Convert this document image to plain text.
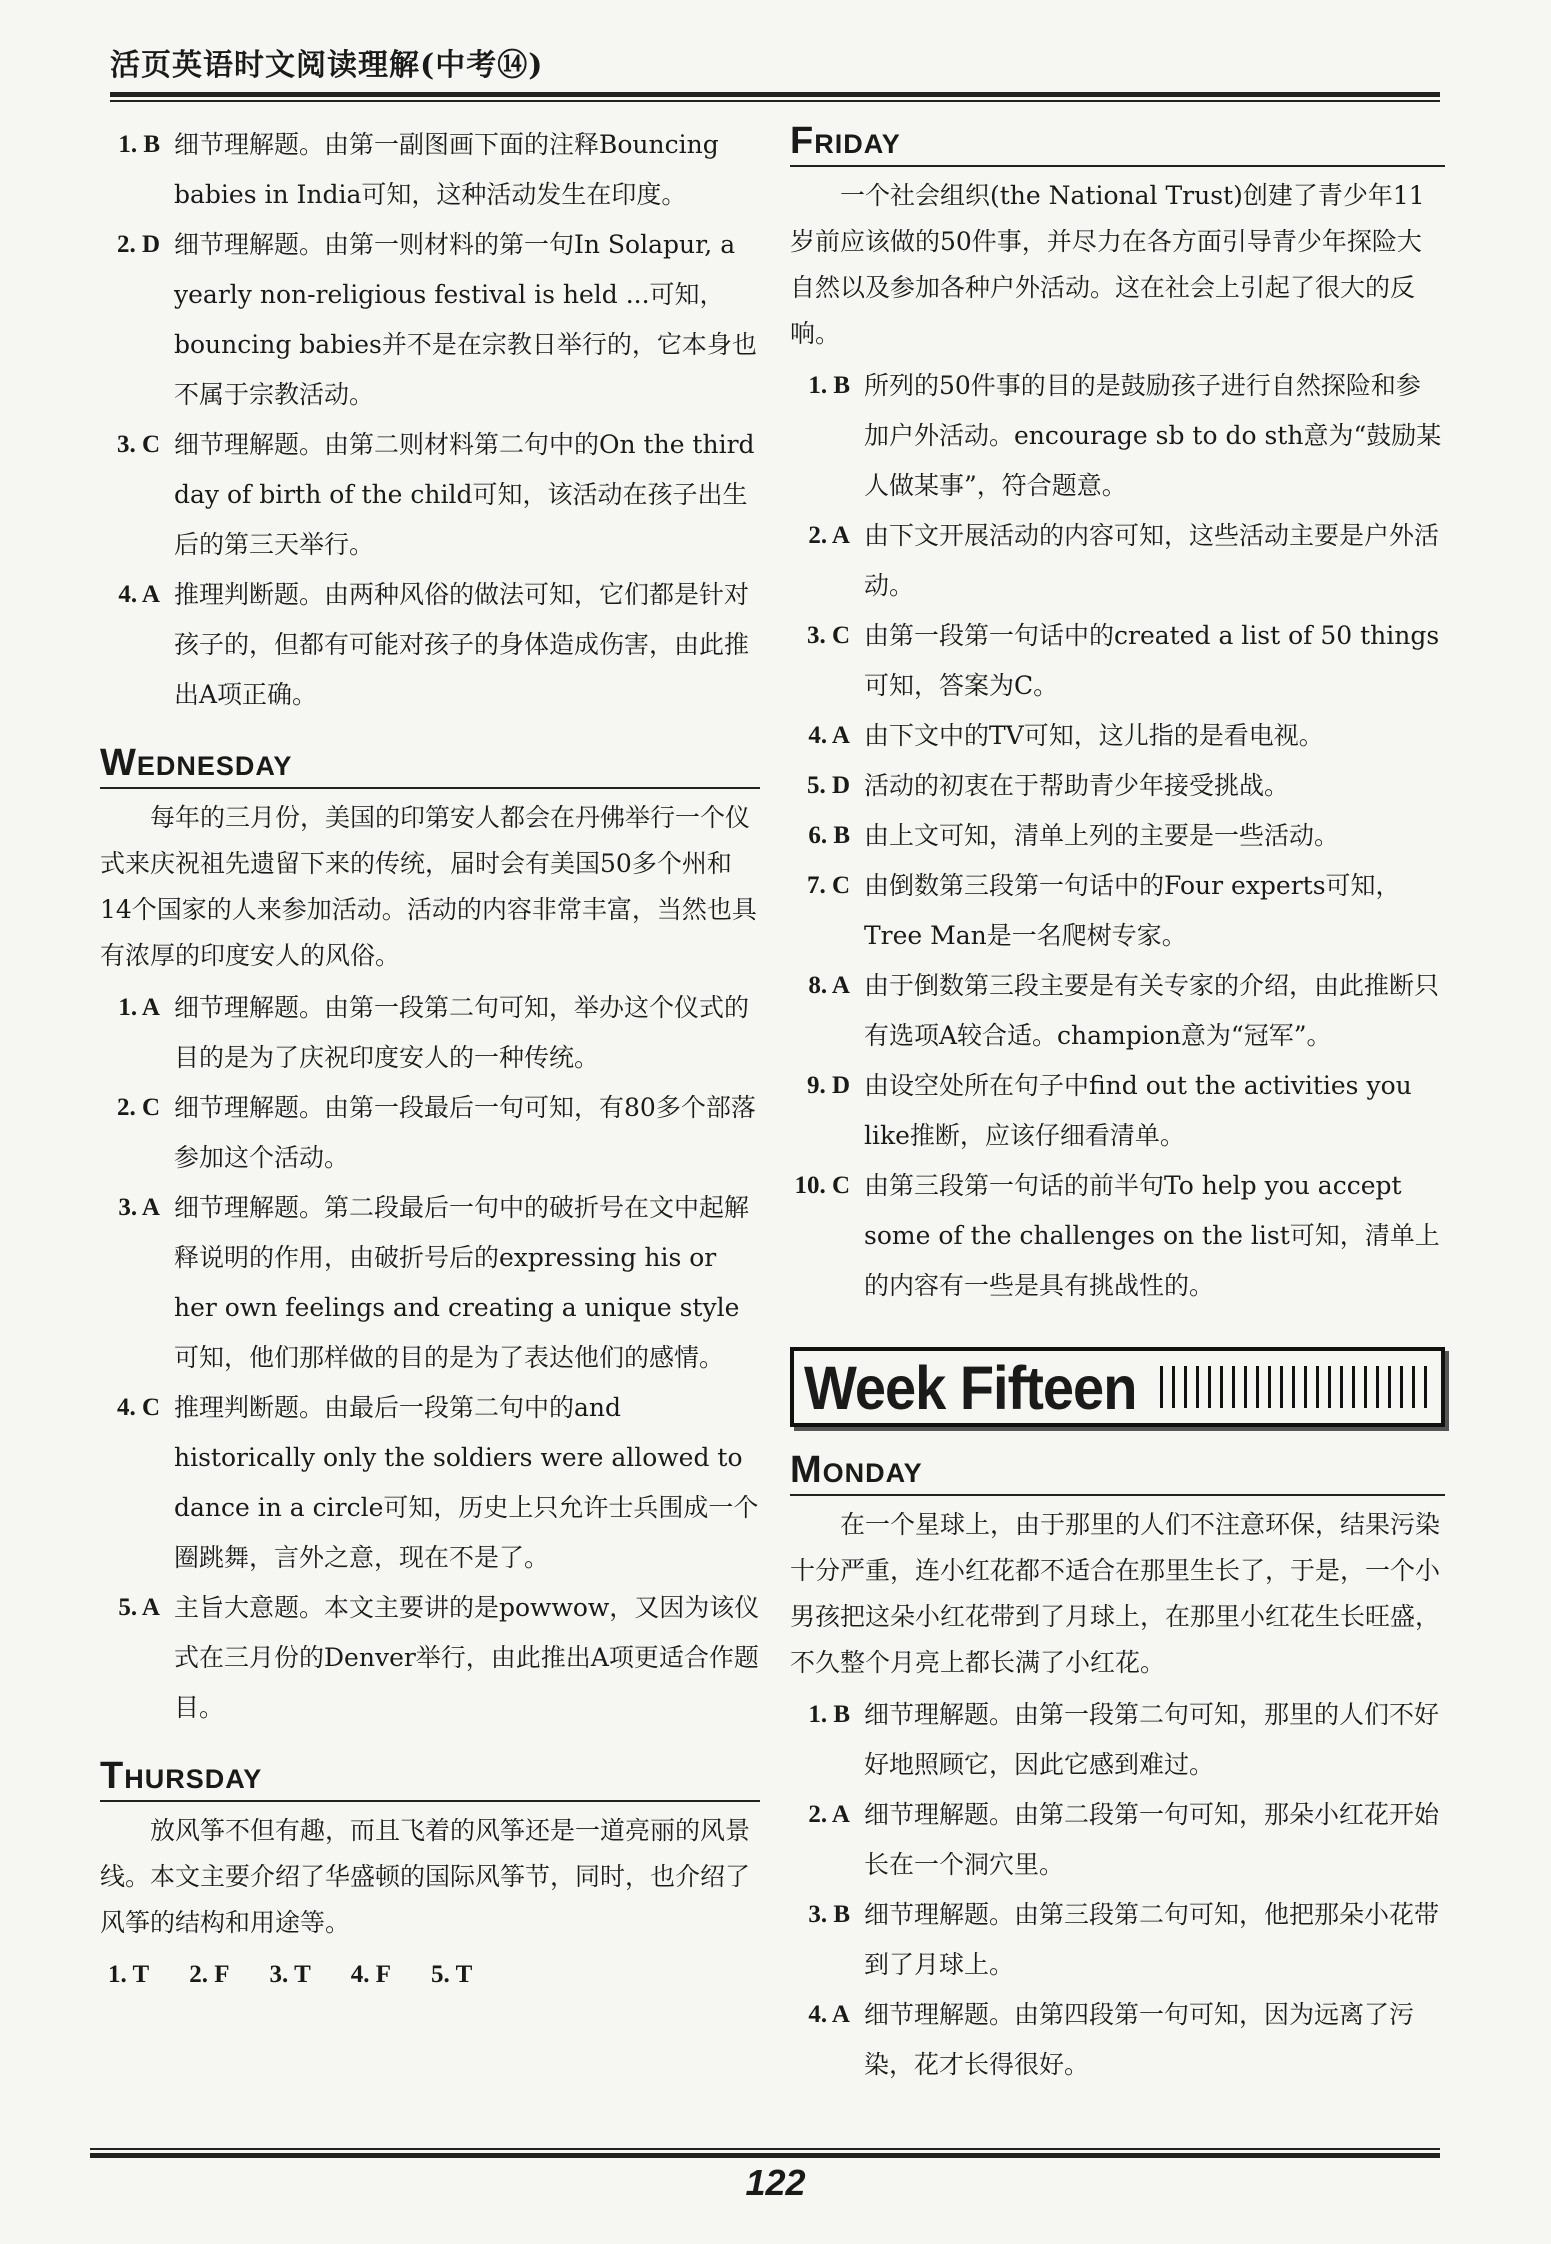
活页英语时文阅读理解(中考⑭)
1. B 细节理解题。由第一副图画下面的注释Bouncing babies in India可知，这种活动发生在印度。
2. D 细节理解题。由第一则材料的第一句In Solapur, a yearly non-religious festival is held ...可知，bouncing babies并不是在宗教日举行的，它本身也不属于宗教活动。
3. C 细节理解题。由第二则材料第二句中的On the third day of birth of the child可知，该活动在孩子出生后的第三天举行。
4. A 推理判断题。由两种风俗的做法可知，它们都是针对孩子的，但都有可能对孩子的身体造成伤害，由此推出A项正确。
Wednesday

每年的三月份，美国的印第安人都会在丹佛举行一个仪式来庆祝祖先遗留下来的传统，届时会有美国50多个州和14个国家的人来参加活动。活动的内容非常丰富，当然也具有浓厚的印度安人的风俗。

1. A 细节理解题。由第一段第二句可知，举办这个仪式的目的是为了庆祝印度安人的一种传统。
2. C 细节理解题。由第一段最后一句可知，有80多个部落参加这个活动。
3. A 细节理解题。第二段最后一句中的破折号在文中起解释说明的作用，由破折号后的expressing his or her own feelings and creating a unique style可知，他们那样做的目的是为了表达他们的感情。
4. C 推理判断题。由最后一段第二句中的and historically only the soldiers were allowed to dance in a circle可知，历史上只允许士兵围成一个圈跳舞，言外之意，现在不是了。
5. A 主旨大意题。本文主要讲的是powwow，又因为该仪式在三月份的Denver举行，由此推出A项更适合作题目。
Thursday

放风筝不但有趣，而且飞着的风筝还是一道亮丽的风景线。本文主要介绍了华盛顿的国际风筝节，同时，也介绍了风筝的结构和用途等。

1. T 2. F 3. T 4. F 5. T
Friday

一个社会组织(the National Trust)创建了青少年11岁前应该做的50件事，并尽力在各方面引导青少年探险大自然以及参加各种户外活动。这在社会上引起了很大的反响。

1. B 所列的50件事的目的是鼓励孩子进行自然探险和参加户外活动。encourage sb to do sth意为“鼓励某人做某事”，符合题意。
2. A 由下文开展活动的内容可知，这些活动主要是户外活动。
3. C 由第一段第一句话中的created a list of 50 things可知，答案为C。
4. A 由下文中的TV可知，这儿指的是看电视。
5. D 活动的初衷在于帮助青少年接受挑战。
6. B 由上文可知，清单上列的主要是一些活动。
7. C 由倒数第三段第一句话中的Four experts可知，Tree Man是一名爬树专家。
8. A 由于倒数第三段主要是有关专家的介绍，由此推断只有选项A较合适。champion意为“冠军”。
9. D 由设空处所在句子中find out the activities you like推断，应该仔细看清单。
10. C 由第三段第一句话的前半句To help you accept some of the challenges on the list可知，清单上的内容有一些是具有挑战性的。
Week Fifteen
Monday

在一个星球上，由于那里的人们不注意环保，结果污染十分严重，连小红花都不适合在那里生长了，于是，一个小男孩把这朵小红花带到了月球上，在那里小红花生长旺盛，不久整个月亮上都长满了小红花。

1. B 细节理解题。由第一段第二句可知，那里的人们不好好地照顾它，因此它感到难过。
2. A 细节理解题。由第二段第一句可知，那朵小红花开始长在一个洞穴里。
3. B 细节理解题。由第三段第二句可知，他把那朵小花带到了月球上。
4. A 细节理解题。由第四段第一句可知，因为远离了污染，花才长得很好。
122
